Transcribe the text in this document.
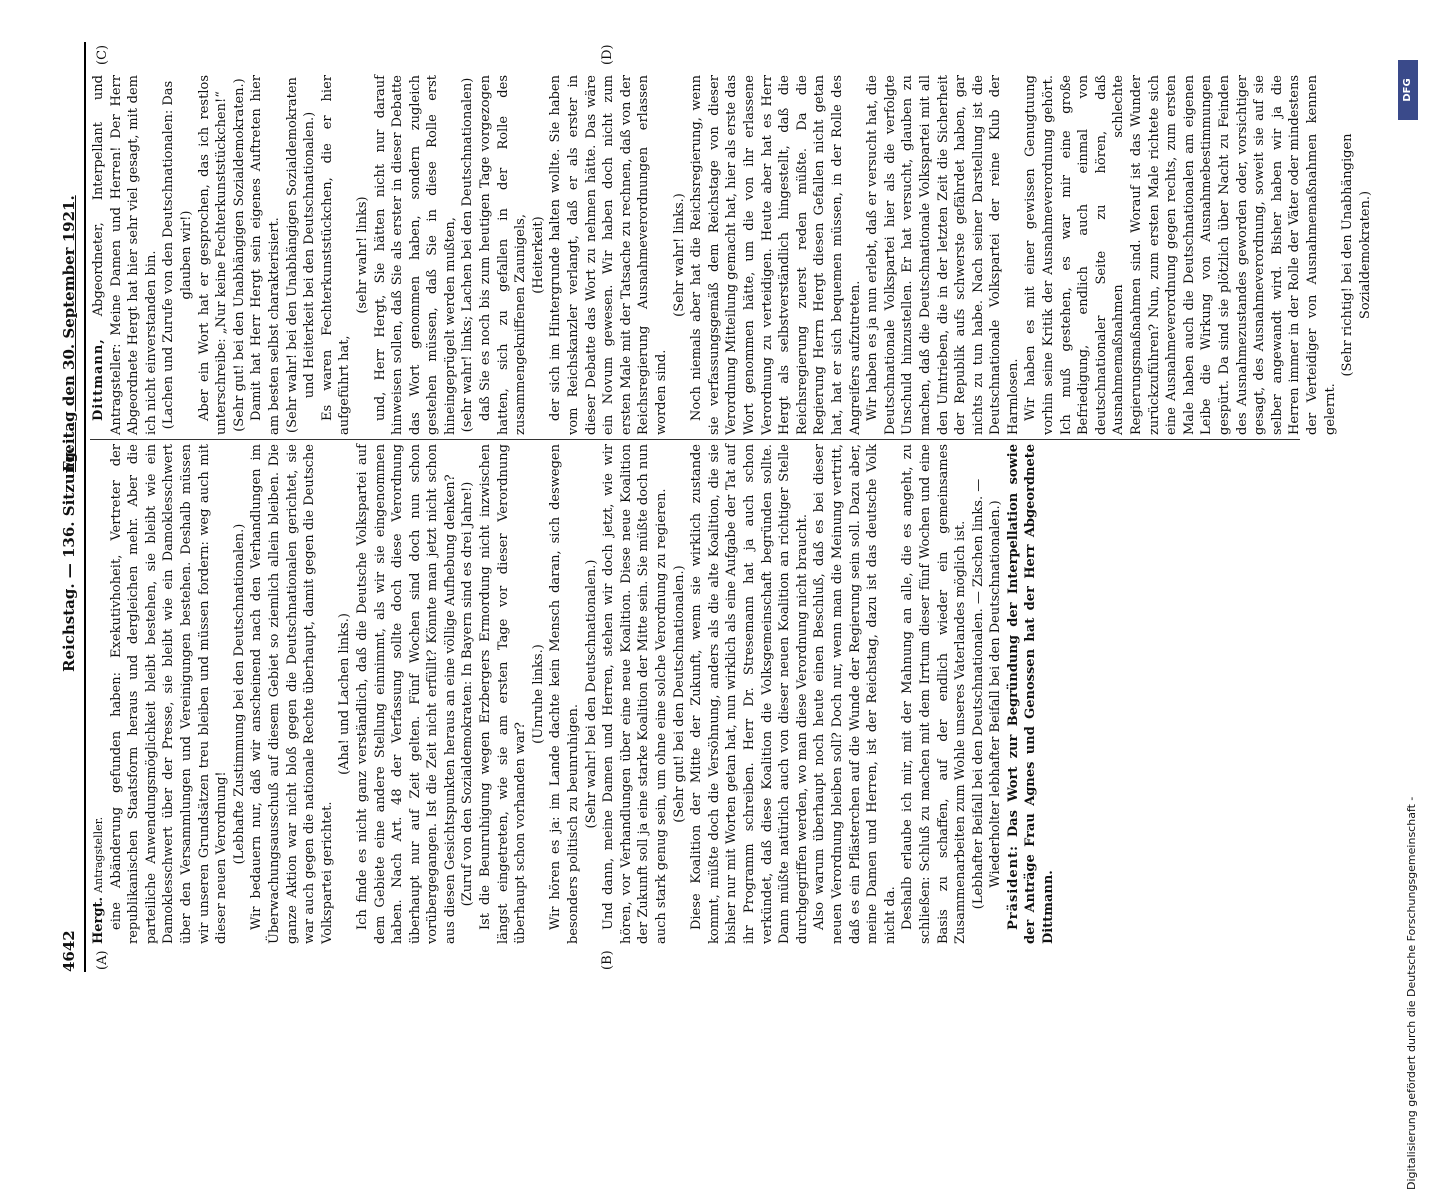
4642
Reichstag. — 136. Sitzung.
Freitag den 30. September 1921.
(A)	(B)
(C)	(D)

Hergt. Antragsteller. eine Abänderung gefunden haben: Exekutivhoheit, Vertreter der republikanischen Staatsform heraus und dergleichen mehr. Aber die parteiliche Anwendungsmöglichkeit bleibt bestehen, sie bleibt wie ein Damoklesschwert über der Presse, sie bleibt wie ein Damoklesschwert über den Versammlungen und Vereinigungen bestehen. Deshalb müssen wir unseren Grundsätzen treu bleiben und müssen fordern: weg auch mit dieser neuen Verordnung! (Lebhafte Zustimmung bei den Deutschnationalen.) Wir bedauern nur, daß wir anscheinend nach den Verhandlungen im Überwachungsausschuß auf diesem Gebiet so ziemlich allein bleiben. Die ganze Aktion war nicht bloß gegen die Deutschnationalen gerichtet, sie war auch gegen die nationale Rechte überhaupt, damit gegen die Deutsche Volkspartei gerichtet.

(Aha! und Lachen links.) Ich finde es nicht ganz verständlich, daß die Deutsche Volkspartei auf dem Gebiete eine andere Stellung einnimmt, als wir sie eingenommen haben. Nach Art. 48 der Verfassung sollte doch diese Verordnung überhaupt nur auf Zeit gelten. Fünf Wochen sind doch nun schon vorübergegangen. Ist die Zeit nicht erfüllt? Könnte man jetzt nicht schon aus diesen Gesichtspunkten heraus an eine völlige Aufhebung denken? (Zuruf von den Sozialdemokraten: In Bayern sind es drei Jahre!) Ist die Beunruhigung wegen Erzbergers Ermordung nicht inzwischen längst eingetreten, wie sie am ersten Tage vor dieser Verordnung überhaupt schon vorhanden war?

(Unruhe links.) Wir hören es ja: im Lande dachte kein Mensch daran, sich deswegen besonders politisch zu beunruhigen. (Sehr wahr! bei den Deutschnationalen.) Und dann, meine Damen und Herren, stehen wir doch jetzt, wie wir hören, vor Verhandlungen über eine neue Koalition. Diese neue Koalition der Zukunft soll ja eine starke Koalition der Mitte sein. Sie müßte doch nun auch stark genug sein, um ohne eine solche Verordnung zu regieren. (Sehr gut! bei den Deutschnationalen.) Diese Koalition der Mitte der Zukunft, wenn sie wirklich zustande kommt, müßte doch die Versöhnung, anders als die alte Koalition, die sie bisher nur mit Worten getan hat, nun wirklich als eine Aufgabe der Tat auf ihr Programm schreiben. Herr Dr. Stresemann hat ja auch schon verkündet, daß diese Koalition die Volksgemeinschaft begründen sollte. Dann müßte natürlich auch von dieser neuen Koalition an richtiger Stelle durchgegriffen werden, wo man diese Verordnung nicht braucht. Also warum überhaupt noch heute einen Beschluß, daß es bei dieser neuen Verordnung bleiben soll? Doch nur, wenn man die Meinung vertritt, daß es ein Pflästerchen auf die Wunde der Regierung sein soll. Dazu aber, meine Damen und Herren, ist der Reichstag, dazu ist das deutsche Volk nicht da. Deshalb erlaube ich mir, mit der Mahnung an alle, die es angeht, zu schließen: Schluß zu machen mit dem Irrtum dieser fünf Wochen und eine Basis zu schaffen, auf der endlich wieder ein gemeinsames Zusammenarbeiten zum Wohle unseres Vaterlandes möglich ist. (Lebhafter Beifall bei den Deutschnationalen. — Zischen links. — Wiederholter lebhafter Beifall bei den Deutschnationalen.) Präsident: Das Wort zur Begründung der Interpellation sowie der Anträge Frau Agnes und Genossen hat der Herr Abgeordnete Dittmann.

Dittmann, Abgeordneter, Interpellant und Antragsteller: Meine Damen und Herren! Der Herr Abgeordnete Hergt hat hier sehr viel gesagt, mit dem ich nicht einverstanden bin. (Lachen und Zurufe von den Deutschnationalen: Das glauben wir!) Aber ein Wort hat er gesprochen, das ich restlos unterschreibe: „Nur keine Fechterkunststückchen!“ (Sehr gut! bei den Unabhängigen Sozialdemokraten.) Damit hat Herr Hergt sein eigenes Auftreten hier am besten selbst charakterisiert. (Sehr wahr! bei den Unabhängigen Sozialdemokraten und Heiterkeit bei den Deutschnationalen.) Es waren Fechterkunststückchen, die er hier aufgeführt hat,

(sehr wahr! links) und, Herr Hergt, Sie hätten nicht nur darauf hinweisen sollen, daß Sie als erster in dieser Debatte das Wort genommen haben, sondern zugleich gestehen müssen, daß Sie in diese Rolle erst hineingeprügelt werden mußten, (sehr wahr! links; Lachen bei den Deutschnationalen) daß Sie es noch bis zum heutigen Tage vorgezogen hatten, sich zu gefallen in der Rolle des zusammengekniffenen Zaunigels, (Heiterkeit) der sich im Hintergrunde halten wollte. Sie haben vom Reichskanzler verlangt, daß er als erster in dieser Debatte das Wort zu nehmen hätte. Das wäre ein Novum gewesen. Wir haben doch nicht zum ersten Male mit der Tatsache zu rechnen, daß von der Reichsregierung Ausnahmeverordnungen erlassen worden sind.

(Sehr wahr! links.) Noch niemals aber hat die Reichsregierung, wenn sie verfassungsgemäß dem Reichstage von dieser Verordnung Mitteilung gemacht hat, hier als erste das Wort genommen hätte, um die von ihr erlassene Verordnung zu verteidigen. Heute aber hat es Herr Hergt als selbstverständlich hingestellt, daß die Reichsregierung zuerst reden müßte. Da die Regierung Herrn Hergt diesen Gefallen nicht getan hat, hat er sich bequemen müssen, in der Rolle des Angreifers aufzutreten. Wir haben es ja nun erlebt, daß er versucht hat, die Deutschnationale Volkspartei hier als die verfolgte Unschuld hinzustellen. Er hat versucht, glauben zu machen, daß die Deutschnationale Volkspartei mit all den Umtrieben, die in der letzten Zeit die Sicherheit der Republik aufs schwerste gefährdet haben, gar nichts zu tun habe. Nach seiner Darstellung ist die Deutschnationale Volkspartei der reine Klub der Harmlosen. Wir haben es mit einer gewissen Genugtuung vorhin seine Kritik der Ausnahmeverordnung gehört. Ich muß gestehen, es war mir eine große Befriedigung, endlich auch einmal von deutschnationaler Seite zu hören, daß Ausnahmemaßnahmen schlechte Regierungsmaßnahmen sind. Worauf ist das Wunder zurückzuführen? Nun, zum ersten Male richtete sich eine Ausnahmeverordnung gegen rechts, zum ersten Male haben auch die Deutschnationalen am eigenen Leibe die Wirkung von Ausnahmebestimmungen gespürt. Da sind sie plötzlich über Nacht zu Feinden des Ausnahmezustandes geworden oder, vorsichtiger gesagt, des Ausnahmeverordnung, soweit sie auf sie selber angewandt wird. Bisher haben wir ja die Herren immer in der Rolle der Väter oder mindestens der Verteidiger von Ausnahmemaßnahmen kennen gelernt.

(Sehr richtig! bei den Unabhängigen Sozialdemokraten.)

Digitalisierung gefördert durch die Deutsche Forschungsgemeinschaft -
DFG
